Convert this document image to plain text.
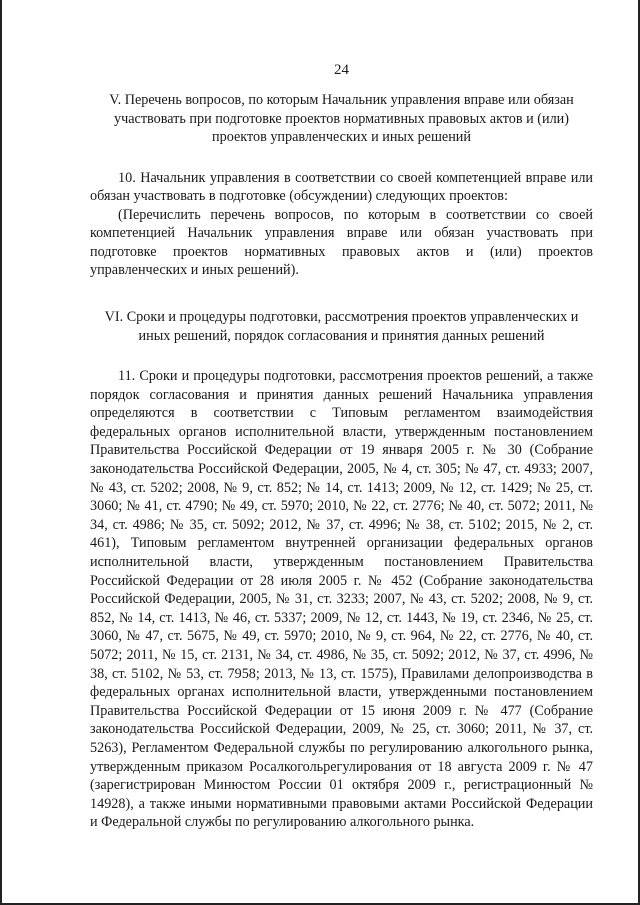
24

V. Перечень вопросов, по которым Начальник управления вправе или обязан участвовать при подготовке проектов нормативных правовых актов и (или) проектов управленческих и иных решений

10. Начальник управления в соответствии со своей компетенцией вправе или обязан участвовать в подготовке (обсуждении) следующих проектов:

(Перечислить перечень вопросов, по которым в соответствии со своей компетенцией Начальник управления вправе или обязан участвовать при подготовке проектов нормативных правовых актов и (или) проектов управленческих и иных решений).

VI. Сроки и процедуры подготовки, рассмотрения проектов управленческих и иных решений, порядок согласования и принятия данных решений

11. Сроки и процедуры подготовки, рассмотрения проектов решений, а также порядок согласования и принятия данных решений Начальника управления определяются в соответствии с Типовым регламентом взаимодействия федеральных органов исполнительной власти, утвержденным постановлением Правительства Российской Федерации от 19 января 2005 г. № 30 (Собрание законодательства Российской Федерации, 2005, № 4, ст. 305; № 47, ст. 4933; 2007, № 43, ст. 5202; 2008, № 9, ст. 852; № 14, ст. 1413; 2009, № 12, ст. 1429; № 25, ст. 3060; № 41, ст. 4790; № 49, ст. 5970; 2010, № 22, ст. 2776; № 40, ст. 5072; 2011, № 34, ст. 4986; № 35, ст. 5092; 2012, № 37, ст. 4996; № 38, ст. 5102; 2015, № 2, ст. 461), Типовым регламентом внутренней организации федеральных органов исполнительной власти, утвержденным постановлением Правительства Российской Федерации от 28 июля 2005 г. № 452 (Собрание законодательства Российской Федерации, 2005, № 31, ст. 3233; 2007, № 43, ст. 5202; 2008, № 9, ст. 852, № 14, ст. 1413, № 46, ст. 5337; 2009, № 12, ст. 1443, № 19, ст. 2346, № 25, ст. 3060, № 47, ст. 5675, № 49, ст. 5970; 2010, № 9, ст. 964, № 22, ст. 2776, № 40, ст. 5072; 2011, № 15, ст. 2131, № 34, ст. 4986, № 35, ст. 5092; 2012, № 37, ст. 4996, № 38, ст. 5102, № 53, ст. 7958; 2013, № 13, ст. 1575), Правилами делопроизводства в федеральных органах исполнительной власти, утвержденными постановлением Правительства Российской Федерации от 15 июня 2009 г. № 477 (Собрание законодательства Российской Федерации, 2009, № 25, ст. 3060; 2011, № 37, ст. 5263), Регламентом Федеральной службы по регулированию алкогольного рынка, утвержденным приказом Росалкогольрегулирования от 18 августа 2009 г. № 47 (зарегистрирован Минюстом России 01 октября 2009 г., регистрационный № 14928), а также иными нормативными правовыми актами Российской Федерации и Федеральной службы по регулированию алкогольного рынка.
